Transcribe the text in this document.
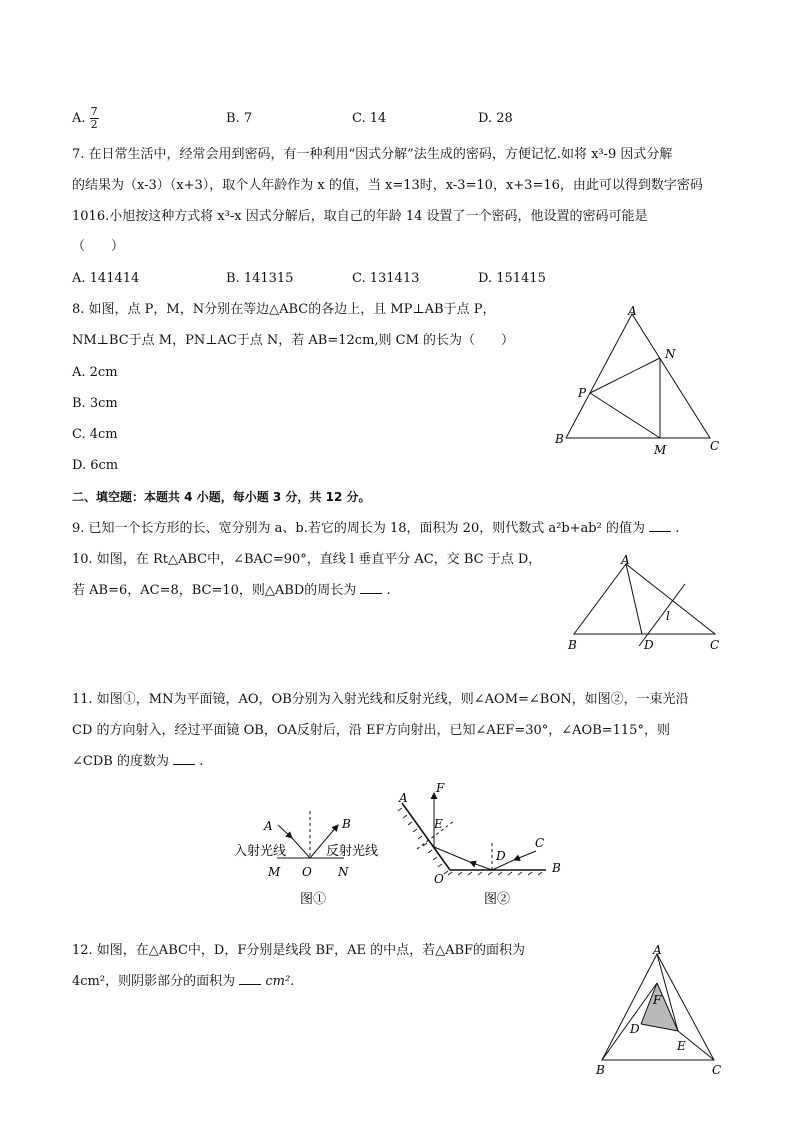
A. $\frac{7}{2}$	B. 7	C. 14	D. 28
7. 在日常生活中，经常会用到密码，有一种利用“因式分解”法生成的密码，方便记忆.如将 x³-9 因式分解
的结果为（x-3）（x+3），取个人年龄作为 x 的值，当 x=13时，x-3=10，x+3=16，由此可以得到数字密码
1016.小旭按这种方式将 x³-x 因式分解后，取自己的年龄 14 设置了一个密码，他设置的密码可能是
（　　）
A. 141414	B. 141315	C. 131413	D. 151415
8. 如图，点 P，M，N分别在等边△ABC的各边上，且 MP⊥AB于点 P，
NM⊥BC于点 M，PN⊥AC于点 N，若 AB=12cm,则 CM 的长为（　　）
A. 2cm
B. 3cm
C. 4cm
D. 6cm
A
B	C
P
M
N
二、填空题：本题共 4 小题，每小题 3 分，共 12 分。
9. 已知一个长方形的长、宽分别为 a、b.若它的周长为 18，面积为 20，则代数式 a²b+ab² 的值为  .
10. 如图，在 Rt△ABC中，∠BAC=90°，直线 l 垂直平分 AC，交 BC 于点 D，
若 AB=6，AC=8，BC=10，则△ABD的周长为  .
A
B	C
D
l
11. 如图①，MN为平面镜，AO，OB分别为入射光线和反射光线，则∠AOM=∠BON，如图②，一束光沿
CD 的方向射入，经过平面镜 OB，OA反射后，沿 EF方向射出，已知∠AEF=30°，∠AOB=115°，则
∠CDB 的度数为  .
A	B
入射光线	反射光线
M O N
图①
A
F
E
D
C
B
O
图②
12. 如图，在△ABC中，D，F分别是线段 BF，AE 的中点，若△ABF的面积为
4cm²，则阴影部分的面积为 cm².
A
B	C
D
E
F
